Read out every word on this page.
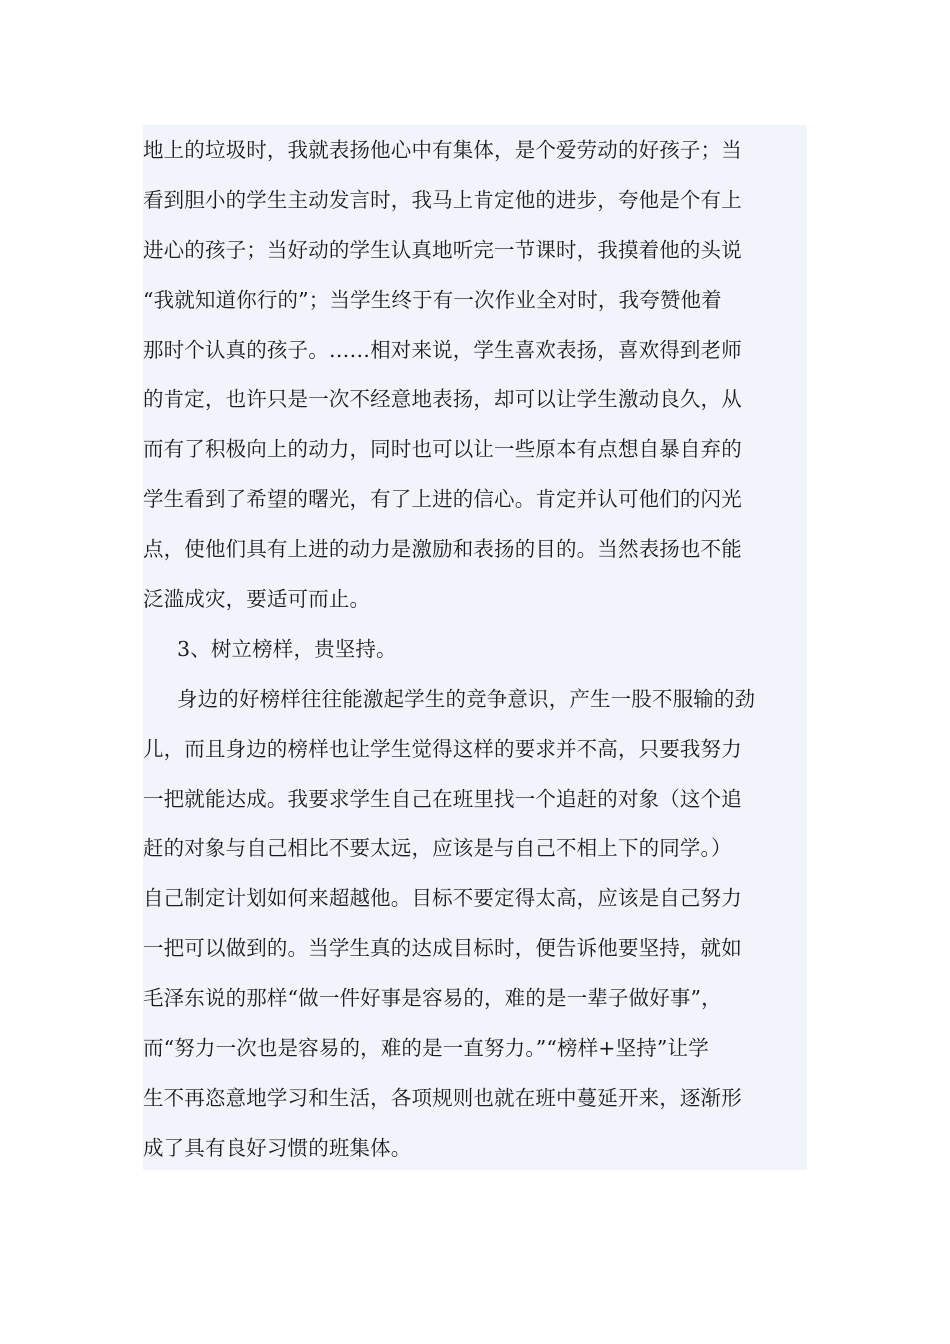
地上的垃圾时，我就表扬他心中有集体，是个爱劳动的好孩子；当
看到胆小的学生主动发言时，我马上肯定他的进步，夸他是个有上
进心的孩子；当好动的学生认真地听完一节课时，我摸着他的头说
“我就知道你行的”；当学生终于有一次作业全对时，我夸赞他着
那时个认真的孩子。……相对来说，学生喜欢表扬，喜欢得到老师
的肯定，也许只是一次不经意地表扬，却可以让学生激动良久，从
而有了积极向上的动力，同时也可以让一些原本有点想自暴自弃的
学生看到了希望的曙光，有了上进的信心。肯定并认可他们的闪光
点，使他们具有上进的动力是激励和表扬的目的。当然表扬也不能
泛滥成灾，要适可而止。
3、树立榜样，贵坚持。
身边的好榜样往往能激起学生的竞争意识，产生一股不服输的劲
儿，而且身边的榜样也让学生觉得这样的要求并不高，只要我努力
一把就能达成。我要求学生自己在班里找一个追赶的对象（这个追
赶的对象与自己相比不要太远，应该是与自己不相上下的同学。）
自己制定计划如何来超越他。目标不要定得太高，应该是自己努力
一把可以做到的。当学生真的达成目标时，便告诉他要坚持，就如
毛泽东说的那样“做一件好事是容易的，难的是一辈子做好事”，
而“努力一次也是容易的，难的是一直努力。”“榜样+坚持”让学
生不再恣意地学习和生活，各项规则也就在班中蔓延开来，逐渐形
成了具有良好习惯的班集体。
